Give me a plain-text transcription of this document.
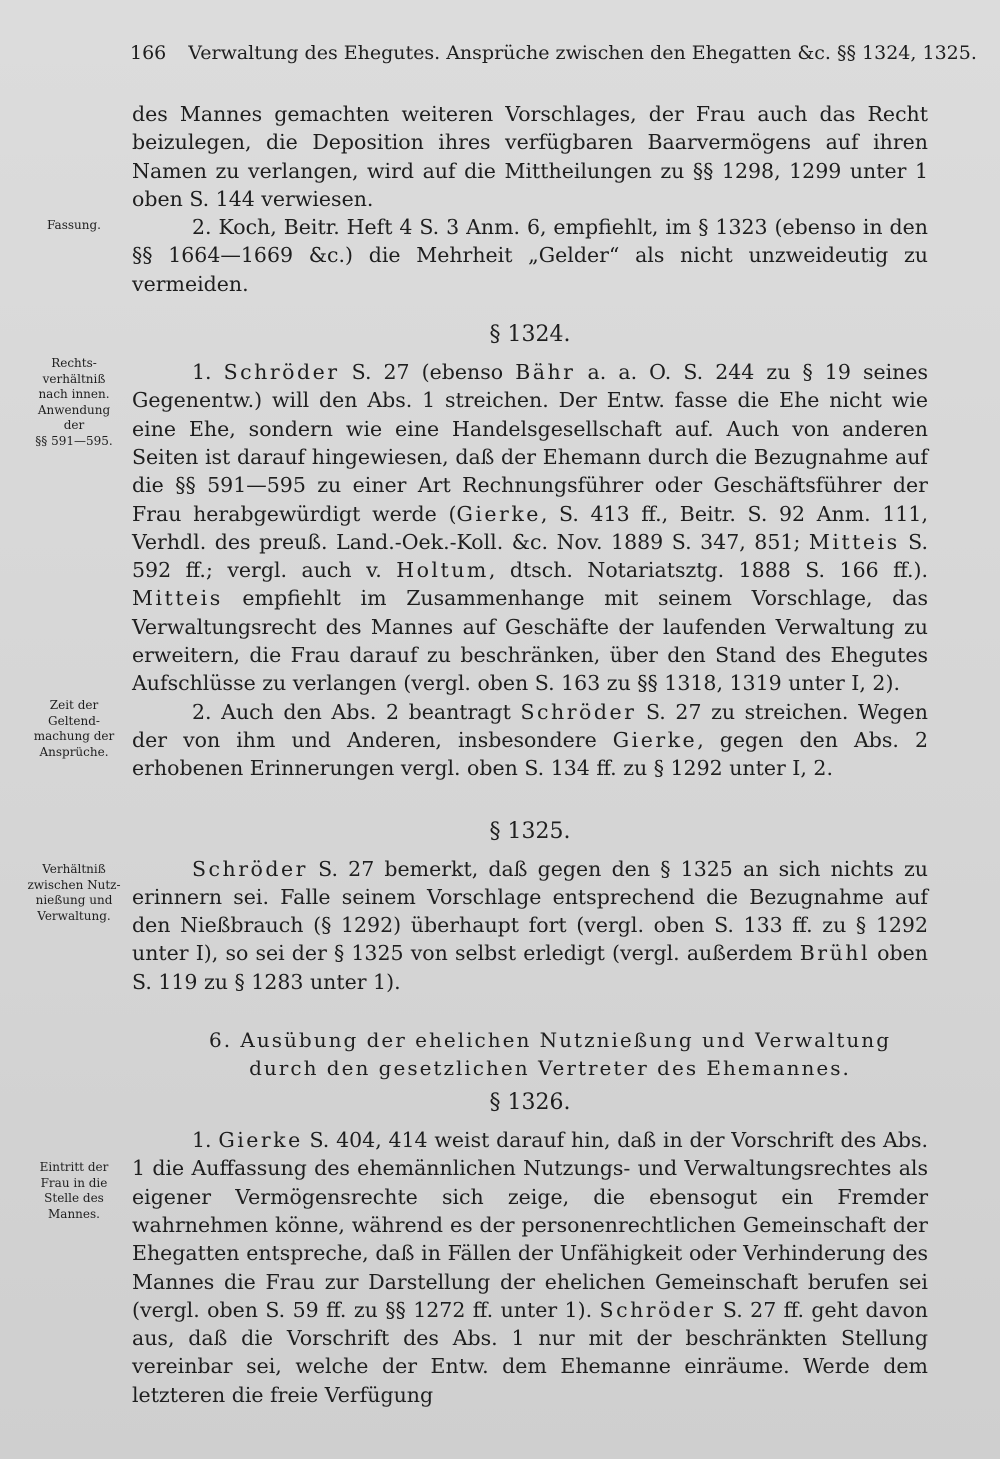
166 Verwaltung des Ehegutes. Ansprüche zwischen den Ehegatten &c. §§ 1324, 1325.
Fassung.
Rechts-
verhältniß
nach innen.
Anwendung
der
§§ 591—595.
Zeit der
Geltend-
machung der
Ansprüche.
Verhältniß
zwischen Nutz-
nießung und
Verwaltung.
Eintritt der
Frau in die
Stelle des
Mannes.

des Mannes gemachten weiteren Vorschlages, der Frau auch das Recht beizulegen, die Deposition ihres verfügbaren Baarvermögens auf ihren Namen zu verlangen, wird auf die Mittheilungen zu §§ 1298, 1299 unter 1 oben S. 144 verwiesen.

2. Koch, Beitr. Heft 4 S. 3 Anm. 6, empfiehlt, im § 1323 (ebenso in den §§ 1664—1669 &c.) die Mehrheit „Gelder“ als nicht unzweideutig zu vermeiden.

§ 1324.

1. Schröder S. 27 (ebenso Bähr a. a. O. S. 244 zu § 19 seines Gegenentw.) will den Abs. 1 streichen. Der Entw. fasse die Ehe nicht wie eine Ehe, sondern wie eine Handelsgesellschaft auf. Auch von anderen Seiten ist darauf hingewiesen, daß der Ehemann durch die Bezugnahme auf die §§ 591—595 zu einer Art Rechnungsführer oder Geschäftsführer der Frau herabgewürdigt werde (Gierke, S. 413 ff., Beitr. S. 92 Anm. 111, Verhdl. des preuß. Land.-Oek.-Koll. &c. Nov. 1889 S. 347, 851; Mitteis S. 592 ff.; vergl. auch v. Holtum, dtsch. Notariatsztg. 1888 S. 166 ff.). Mitteis empfiehlt im Zusammenhange mit seinem Vorschlage, das Verwaltungsrecht des Mannes auf Geschäfte der laufenden Verwaltung zu erweitern, die Frau darauf zu beschränken, über den Stand des Ehegutes Aufschlüsse zu verlangen (vergl. oben S. 163 zu §§ 1318, 1319 unter I, 2).

2. Auch den Abs. 2 beantragt Schröder S. 27 zu streichen. Wegen der von ihm und Anderen, insbesondere Gierke, gegen den Abs. 2 erhobenen Erinnerungen vergl. oben S. 134 ff. zu § 1292 unter I, 2.

§ 1325.

Schröder S. 27 bemerkt, daß gegen den § 1325 an sich nichts zu erinnern sei. Falle seinem Vorschlage entsprechend die Bezugnahme auf den Nießbrauch (§ 1292) überhaupt fort (vergl. oben S. 133 ff. zu § 1292 unter I), so sei der § 1325 von selbst erledigt (vergl. außerdem Brühl oben S. 119 zu § 1283 unter 1).

6. Ausübung der ehelichen Nutznießung und Verwaltung
durch den gesetzlichen Vertreter des Ehemannes.
§ 1326.

1. Gierke S. 404, 414 weist darauf hin, daß in der Vorschrift des Abs. 1 die Auffassung des ehemännlichen Nutzungs- und Verwaltungsrechtes als eigener Vermögensrechte sich zeige, die ebensogut ein Fremder wahrnehmen könne, während es der personenrechtlichen Gemeinschaft der Ehegatten entspreche, daß in Fällen der Unfähigkeit oder Verhinderung des Mannes die Frau zur Darstellung der ehelichen Gemeinschaft berufen sei (vergl. oben S. 59 ff. zu §§ 1272 ff. unter 1). Schröder S. 27 ff. geht davon aus, daß die Vorschrift des Abs. 1 nur mit der beschränkten Stellung vereinbar sei, welche der Entw. dem Ehemanne einräume. Werde dem letzteren die freie Verfügung
